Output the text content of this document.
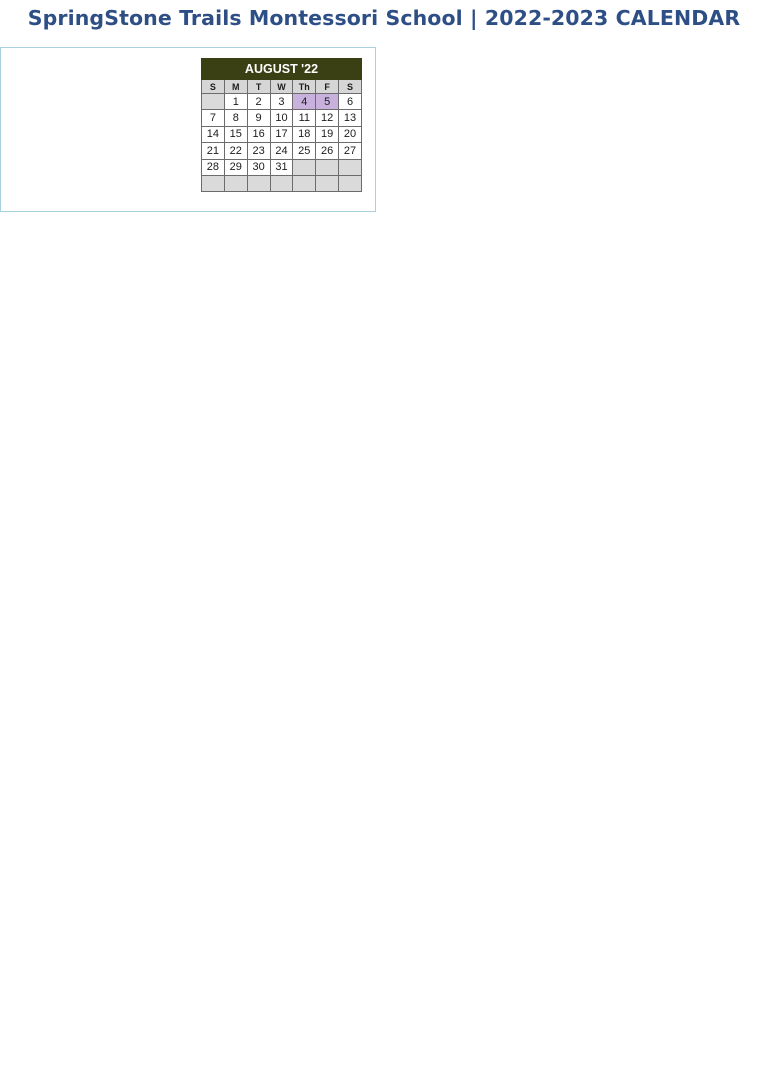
SpringStone Trails Montessori School | 2022-2023 CALENDAR
AUGUST '22						
S	M	T	W	Th	F	S
	1	2	3	4	5	6
7	8	9	10	11	12	13
14	15	16	17	18	19	20
21	22	23	24	25	26	27
28	29	30	31			
